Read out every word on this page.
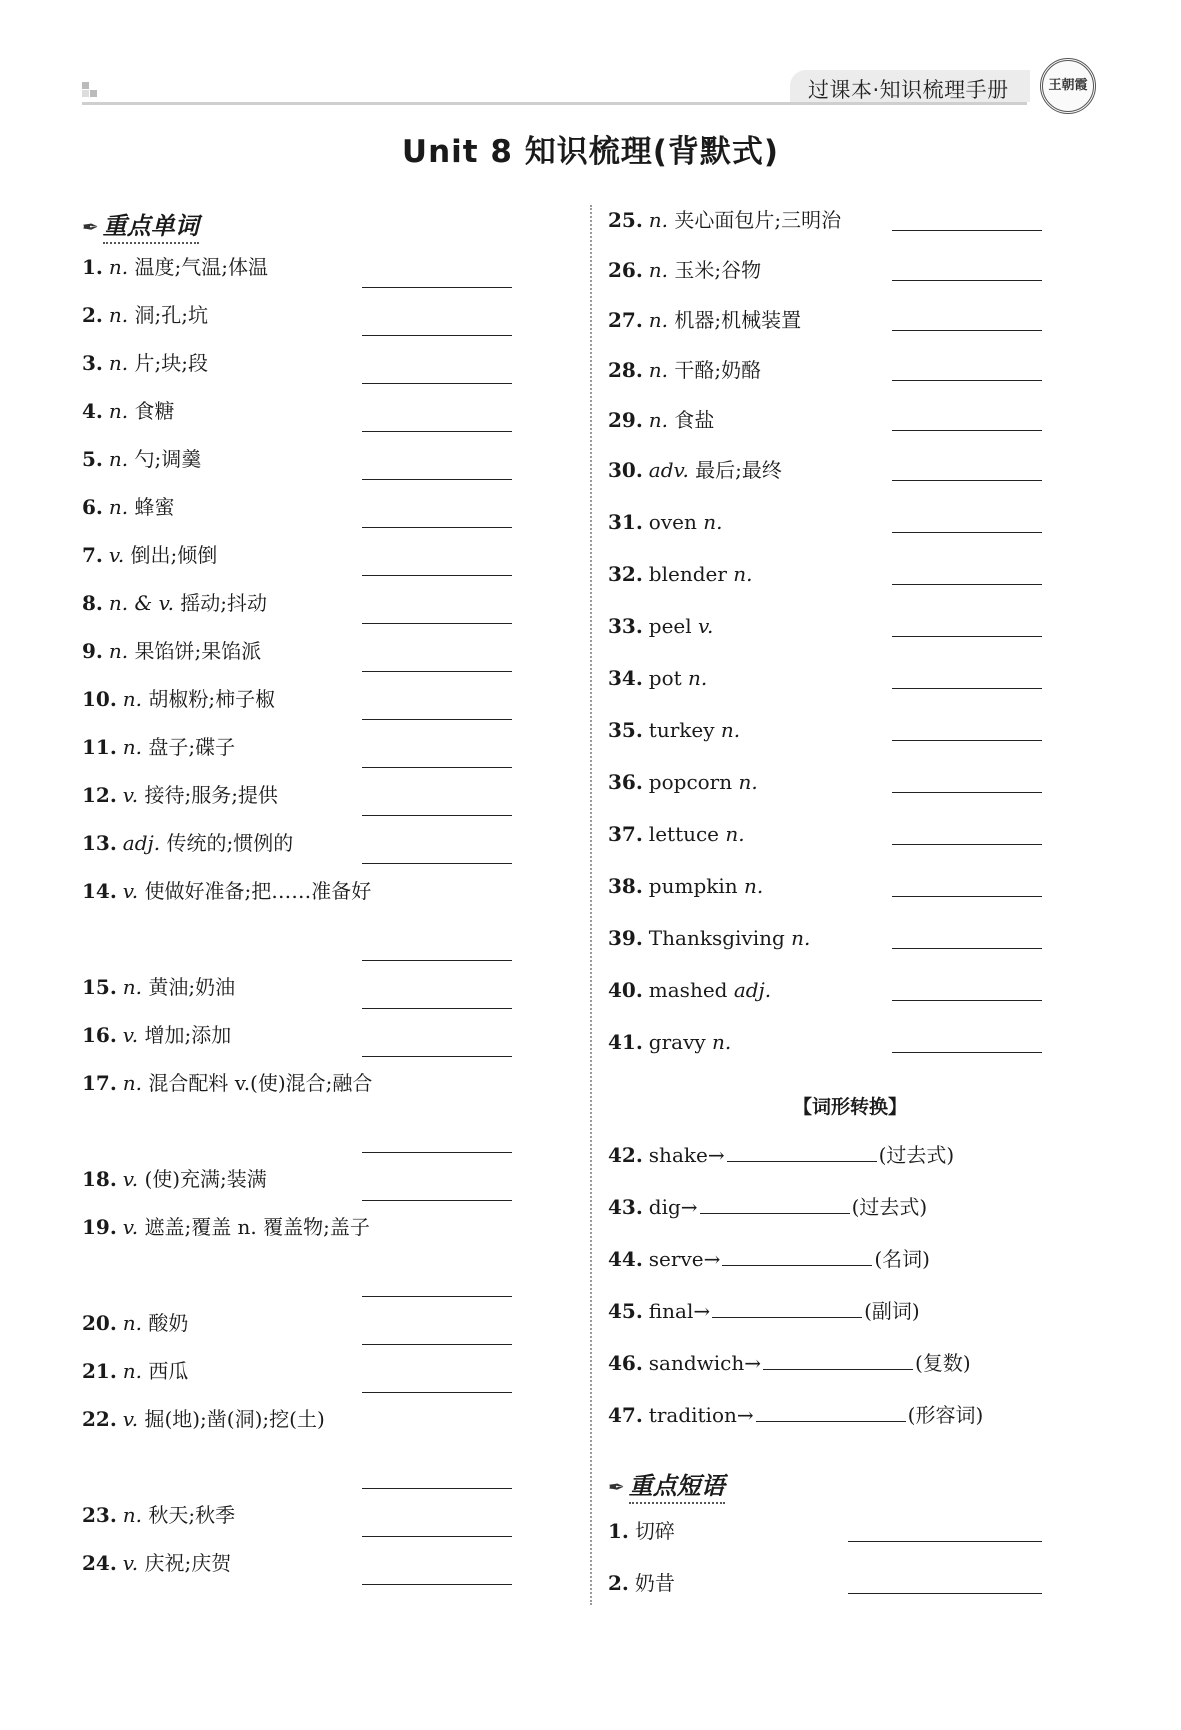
过课本·知识梳理手册	王朝霞
Unit 8 知识梳理(背默式)
✒ 重点单词
1. n. 温度;气温;体温
2. n. 洞;孔;坑
3. n. 片;块;段
4. n. 食糖
5. n. 勺;调羹
6. n. 蜂蜜
7. v. 倒出;倾倒
8. n. & v. 摇动;抖动
9. n. 果馅饼;果馅派
10. n. 胡椒粉;柿子椒
11. n. 盘子;碟子
12. v. 接待;服务;提供
13. adj. 传统的;惯例的
14. v. 使做好准备;把……准备好
15. n. 黄油;奶油
16. v. 增加;添加
17. n. 混合配料 v.(使)混合;融合
18. v. (使)充满;装满
19. v. 遮盖;覆盖 n. 覆盖物;盖子
20. n. 酸奶
21. n. 西瓜
22. v. 掘(地);凿(洞);挖(土)
23. n. 秋天;秋季
24. v. 庆祝;庆贺
25. n. 夹心面包片;三明治
26. n. 玉米;谷物
27. n. 机器;机械装置
28. n. 干酪;奶酪
29. n. 食盐
30. adv. 最后;最终
31. oven n.
32. blender n.
33. peel v.
34. pot n.
35. turkey n.
36. popcorn n.
37. lettuce n.
38. pumpkin n.
39. Thanksgiving n.
40. mashed adj.
41. gravy n.
【词形转换】
42. shake→	(过去式)
43. dig→	(过去式)
44. serve→	(名词)
45. final→	(副词)
46. sandwich→	(复数)
47. tradition→	(形容词)
✒ 重点短语
1. 切碎
2. 奶昔
